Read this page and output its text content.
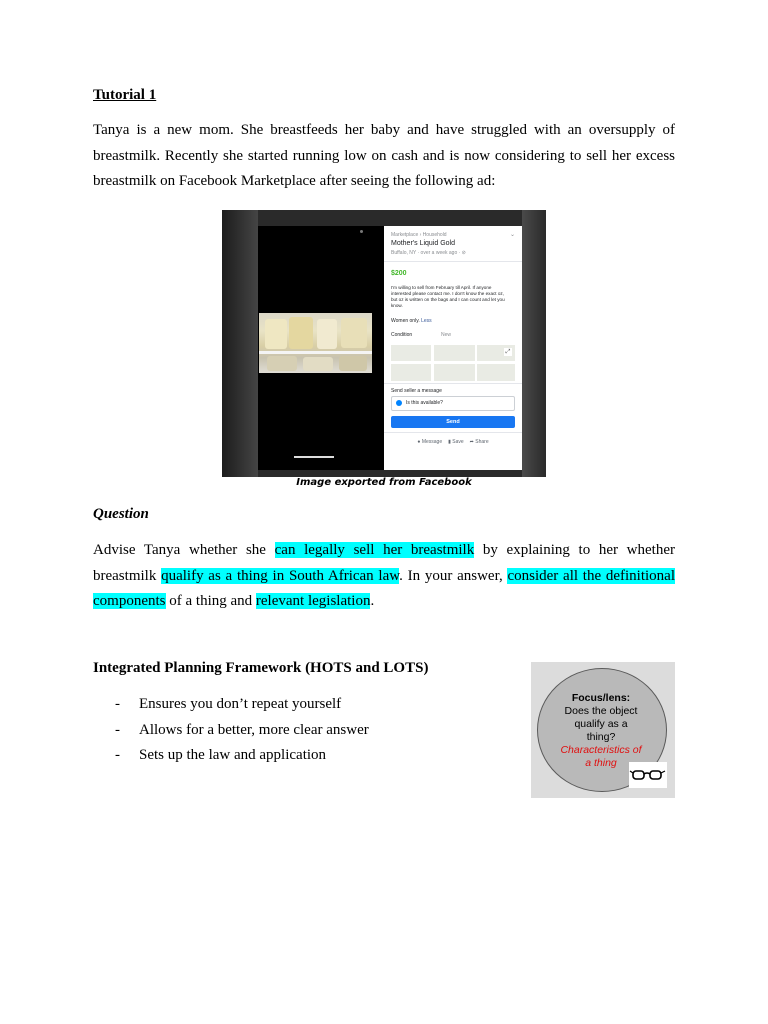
Tutorial 1
Tanya is a new mom. She breastfeeds her baby and have struggled with an oversupply of breastmilk. Recently she started running low on cash and is now considering to sell her excess breastmilk on Facebook Marketplace after seeing the following ad:
Marketplace › Household	⌄
Mother's Liquid Gold
Buffalo, NY · over a week ago · ⊘
$200
I'm willing to sell from February till April. If anyone interested please contact me. I don't know the exact oz, but oz is written on the bags and I can count and let you know.
Women only. Less
Condition	New
⤢
Send seller a message
Is this available?
Send
● Message ▮ Save ➦ Share
Image exported from Facebook
Question
Advise Tanya whether she can legally sell her breastmilk by explaining to her whether breastmilk qualify as a thing in South African law. In your answer, consider all the definitional components of a thing and relevant legislation.
Integrated Planning Framework (HOTS and LOTS)
- Ensures you don’t repeat yourself
- Allows for a better, more clear answer
- Sets up the law and application
Focus/lens:
Does the object
qualify as a
thing?
Characteristics of
a thing
